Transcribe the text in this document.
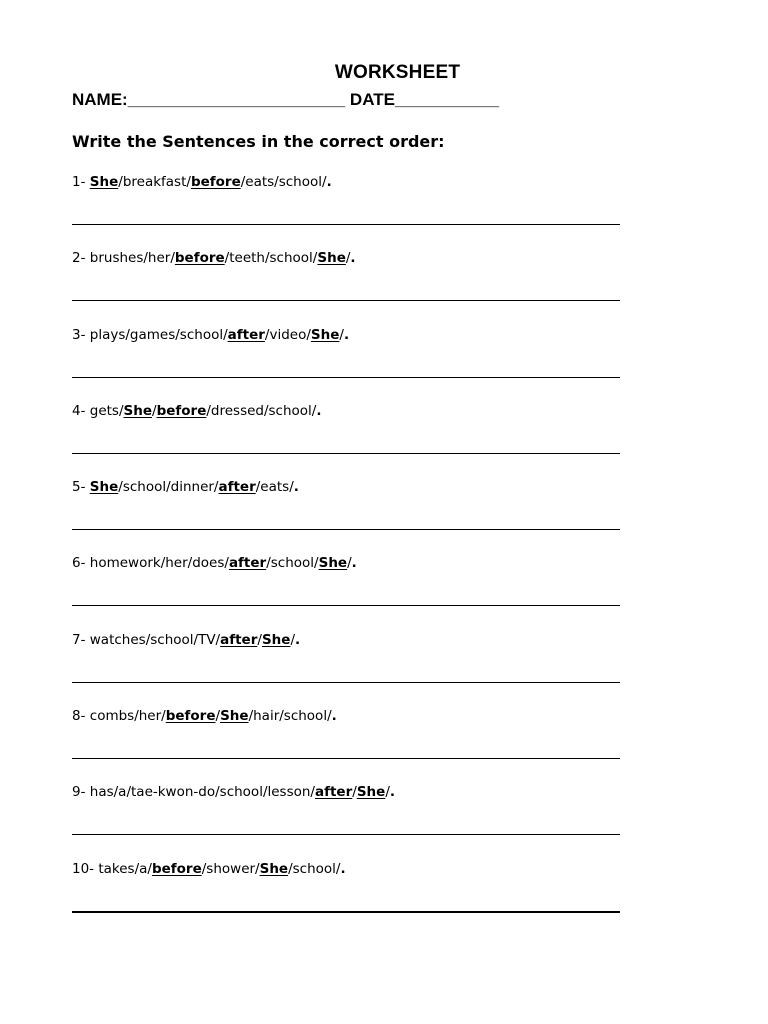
WORKSHEET
NAME:_______________________ DATE___________
Write the Sentences in the correct order:
1- She/breakfast/before/eats/school/.
2- brushes/her/before/teeth/school/She/.
3- plays/games/school/after/video/She/.
4- gets/She/before/dressed/school/.
5- She/school/dinner/after/eats/.
6- homework/her/does/after/school/She/.
7- watches/school/TV/after/She/.
8- combs/her/before/She/hair/school/.
9- has/a/tae-kwon-do/school/lesson/after/She/.
10- takes/a/before/shower/She/school/.
